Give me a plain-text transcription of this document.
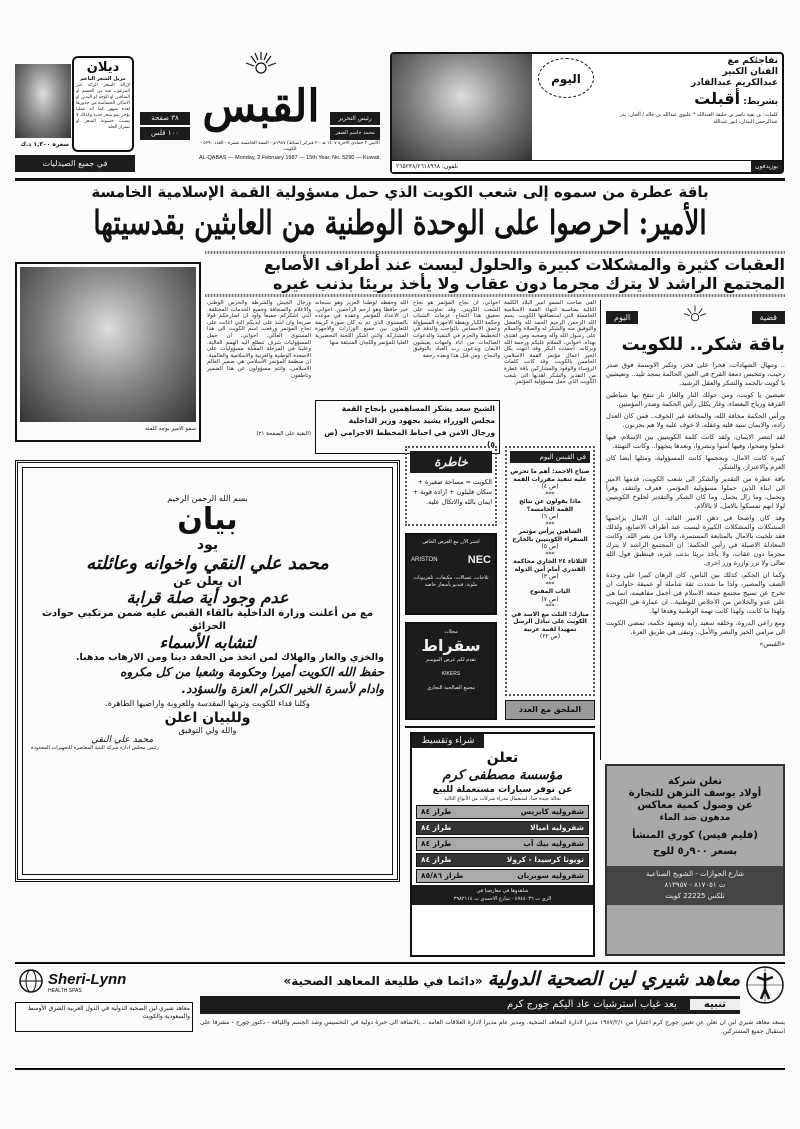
ديلان
مزيل الشعر الناعم
لإزالة الشعر الزائد غير المرغوب فيه من الجسم او الساقين او الوجه او اليدين او الاماكن الحساسة من جذورها لعدة شهور كما انه عمليا يؤخر نمو شعر جديد وكذلك لا يسبب خشونة الشعر او تسرار الجلد
سعره ١,٣٠٠ د.ك
في جميع الصيدليات
٣٨ صفحة
١٠٠ فلس
القبس	رئيس التحرير
محمد جاسم الصقر
الاثنين ٣ جمادى الاخرة ١٤٠٧ هـ - ٢ فبراير (شباط) ١٩٨٧م - السنة الخامسة عشرة - العدد ٥٢٩٠ - الكويت
AL-QABAS — Monday, 2 February 1987 — 15th Year, No. 5290 — Kuwait.
اليوم
تفاجئكم مع
الفنان الكبير
عبدالكريم عبدالقادر
بشريط: أقبلت
كلمات: بن بقية ناصر بن خليفة العبدالله * عليوي عبدالله بن خالد / ألحان: بدر عبدالرحمن البيدان، انور عبدالله
بوزيدفون
تلفون: ٢٦٥٢٣٨/٢٦١٨٩٦٨
باقة عطرة من سموه إلى شعب الكويت الذي حمل مسؤولية القمة الإسلامية الخامسة
الأمير: احرصوا على الوحدة الوطنية من العابثين بقدسيتها
العقبات كثيرة والمشكلات كبيرة والحلول ليست عند أطراف الأصابع
المجتمع الراشد لا يترك مجرما دون عقاب ولا يأخذ بريئا بذنب غيره
سمو الامير يوجه كلمته
القى صاحب السمو امير البلاد الكلمة التالية بمناسبة انتهاء القمة الاسلامية الخامسة التي استضافتها الكويت. بسم الله الرحمن الرحيم الحمد لله والفضل والتوفيق منه والشكر له والصلاة والسلام على رسول الله وآله وصحبه ومن اهتدى بهداه. اخواني، السلام عليكم ورحمة الله وبركاته. احمدت البكر وقد انتهت بكل الخير اعمال مؤتمر القمة الاسلامي الخامس بالكويت. وقد كانت كلمات الرؤساء والوفود والمشاركين باقة عطرة من التقدير والشكر اهديها الى شعب الكويت الذي حمل مسؤولية المؤتمر.
اخواني، ان نجاح المؤتمر هو نجاح الشعب الكويتي. وقد تعاونت على تحقيق هذا النجاح عزمات الشباب وحكمة الكبار ويقظة الاجهزة المسؤولة وعمق الاحساس بالواجب والدقة في التخطيط والحزم في التنفيذ والدعوات الصالحات من اباء وامهات يعيشون الايمان ويدعون رب العباد بالتوفيق والنجاح. ومن قبل هذا وبعده رحمة
الله وحفظه لوطننا العزيز وهو سبحانه خير حافظا وهو ارحم الراحمين. اخواني، ان الاعداد للمؤتمر وعقده في موعده بالمستوى الذي تم به كان صورة كريمة للتعاون بين جميع الوزارات والاجهزة المشاركة. واثني اشكر اللجنة التحضيرية العليا للمؤتمر واللجان المنبثقة منها
ورجال الجيش والشرطة والحرس الوطني والاعلام والصحافة وجميع الخدمات المختلفة. اثني اشكركم جميعا واود ان اصارحكم قولا صريحا وان اشد على ايديكم التي اعانت على نجاح المؤتمر ورفعت اسم الكويت الى هذا المستوى العالي. اخواني، ان حمل المسؤوليات شرف تتطلع اليه الهمم العالية. وعلينا في المرحلة المقبلة مسؤوليات على الاصعدة الوطنية والعربية والاسلامية والعالمية. ان منظمة المؤتمر الاسلامي هي ضمير العالم الاسلامي، وانتم مسؤولون عن هذا الضمير وناطقون
(البقية على الصفحة ٢١)
الشيخ سعد يشكر المساهمين بإنجاح القمة
مجلس الوزراء يشيد بجهود وزير الداخلية
ورجال الامن في احباط المخطط الاجرامي (ص ٥)
قضية
اليوم
باقة شكر.. للكويت
.. وتنهال الشهادات، فخرا على فخر، وتكبر الاوسمة فوق صدر رحيب، وتتحبس دمعة الفرح في العين الحالمة بمجد تليد.. وتعيشين يا كويت بالحمد والشكر والعقل الرشيد.
تعيشين يا كويت، ومن حولك النار والغار نار تنفخ بها شياطين الفرقة ورياح البغضاء، وغار يكلل رأس الحكمة وصدر المؤمنين.
ورأس الحكمة مخافة الله، والمخافة غير الخوف.. فمن كان العدل زاده، والايمان سيد قلبه وعقله، لا خوف عليه ولا هم يحزنون.
لقد انتصر الايمان، ولقد كانت كلمة الكويتيين بين الإسلام، فيها عملوا وضحوا، وفيها آمنوا ونشروا، وبعدها يتجهوا.. وكانت التهنئة.
كبيرة كانت الامال، وبحجمها كانت المسؤولية، ومثلها أيضا كان العزم والاعتزاز، والشكر.
باقة عطرة من التقدير والشكر الى شعب الكويت، قدمها الامير الى ابناء الذين حملوا مسؤولية المؤتمر، فعرف وانتقد، وقرأ وتحمل، وما زال يحمل. وما كان الشكر والتقدير لخلوخ الكويتيين لولا انهم تمسكوا بالامل، لا بالآلام.
وقد كان واضحا في ذهن الامير القائد، ان الامال يزاحمها المشكلات والمشكلات الكبيرة ليست عند أطراف الاصابع، ولذلك فقد تلخيت بالامال بالمتابعة المستمرة، والانا من نصر الله. وكانت المعادلة الاصيلة في رأس الحكمة: ان المجتمع الراشد لا يترك مجرما دون عقاب، ولا يأخذ بريئا بذنب غيره، فينطبق قول الله تعالى ولا تزر وازرة وزر اخرى.
وكما ان الحكم، كذلك بين الناس، كان الرهان كبيرا على وحدة الصف والمصير، ولذا ما شددت ثقة شاملة أو عميقة حاولت ان تخرج عن نسيج مجتمع جمعه الاسلام في أجمل مفاهيمه، انما هي على عدو والخلاص من الاخلاص للوطنية.. ان عمارة هي الكويت، ولهذا ما كانت، ولهذا كانت تهمة الوطنية وهدفا لها.
ومع راعي الدروة، وخلفه سعيد رأيه ويصهد حكمه، تمضي الكويت الى مرامي الخير والنصر والأمل.. وتبقى في طريق العزة.
«القبس»
بسم الله الرحمن الرحيم
بيان
يود
محمد علي النقي واخوانه وعائلته
ان يعلن عن
عدم وجود أية صلة قرابة
مع من أعلنت وزارة الداخلية بالقاء القبض عليه ضمن مرتكبي حوادث الحرائق
لتشابه الأسماء
والخزي والعار والهلاك لمن اتخذ من الحقد دينا ومن الارهاب مذهبا.
حفظ الله الكويت أميرا وحكومة وشعبا من كل مكروه
وادام لأسرة الخير الكرام العزة والسؤدد.
وكلنا فداء للكويت وتربتها المقدسة وللعروبة واراضيها الطاهرة.
وللبيان اعلن
والله ولي التوفيق
محمد علي النقي
رئيس مجلس ادارة شركة البنية المعاصرة للتجهيزات المحدودة
خاطرة
الكويت = مساحة صغيرة + سكان قليلون + ارادة قوية + ايمان بالله والاتكال عليه.
اشتر الآن مع العرض الخاص
ARISTON	NEC
ثلاجات، غسالات، مكيفات، تلفزيونات ملونة، فيديو بأسعار خاصة
محلات
سقراط
تقدم لكم عرض الموسم
KIKERS
مجمع الصالحية التجاري
في القبس اليوم
صباح الاحمد: أهم ما تحرص عليه تنفيذ مقررات القمة
(ص ٤)
***
ماذا يقولون عن نتائج القمة الخامسة؟
(ص ٦)
***
الشاهين يرأس مؤتمر السفراء الكويتيين بالخارج
(ص ٥)
***
الثلاثاء ٢٤ الجاري محاكمة القندري أمام أمن الدولة
(ص ٣)
***
الباب المفتوح
(ص ٧)
***
مبارك: الثلث مع الاسد في الكويت على تبادل الرسل تمهيدا لقمة عربية
(ص ٢٢)
الملحق مع العدد
شراء وتقسيط
تعلن
مؤسسة مصطفى كرم
عن توفر سيارات مستعملة للبيع
بحالة جيدة جدا، استعمال مدراء شركات من الأنواع التالية
شفروليه كابريس
طراز ٨٤
شفروليه امبالا
طراز ٨٤
شفروليه بيك آب
طراز ٨٤
تويوتا كرسيدا - كرولا
طراز ٨٤
شفروليه سوبربان
طراز ٨٥/٨٦
شاهدوها في معارضنا في
الري ت ٤٧٤٤٠٣٦ - شارع الاحمدي ت ٣٩٨٢١١٤
تعلن شركة
أولاد يوسف النزهن للتجارة
عن وصول كمية معاكس
مدهون ضد الماء
(فليم فيس) كوري المنشأ
بسعر ٩٠٠ر٥ للوح
شارع الجوازات - الشويخ الصناعية
ت ٨١٧٠٥١ - ٨١٣٩٥٧
تلكس 22225 كويت
Sheri-Lynn
HEALTH SPAS
معاهد شيري لين الصحية الدولية «دائما في طليعة المعاهد الصحية»
تنبيه بعد غياب استرشيات عاد اليكم جورج كرم
معاهد شيري لين الصحية الدولية في الدول العربية الشرق الأوسط والسعودية والكويت
يسعد معاهد شيري لين ان تعلن عن تعيين جورج كرم اعتبارا من ١٩٨٧/٢/١ مديرا لادارة المعاهد الصحية. ومدير عام مديرا لادارة العلاقات العامة .. بالاضافة الى خبرة دولية في التخسيس وشد الجسم واللياقة - دكتور جورج - مشرفا على استقبال جميع المشتركين.
